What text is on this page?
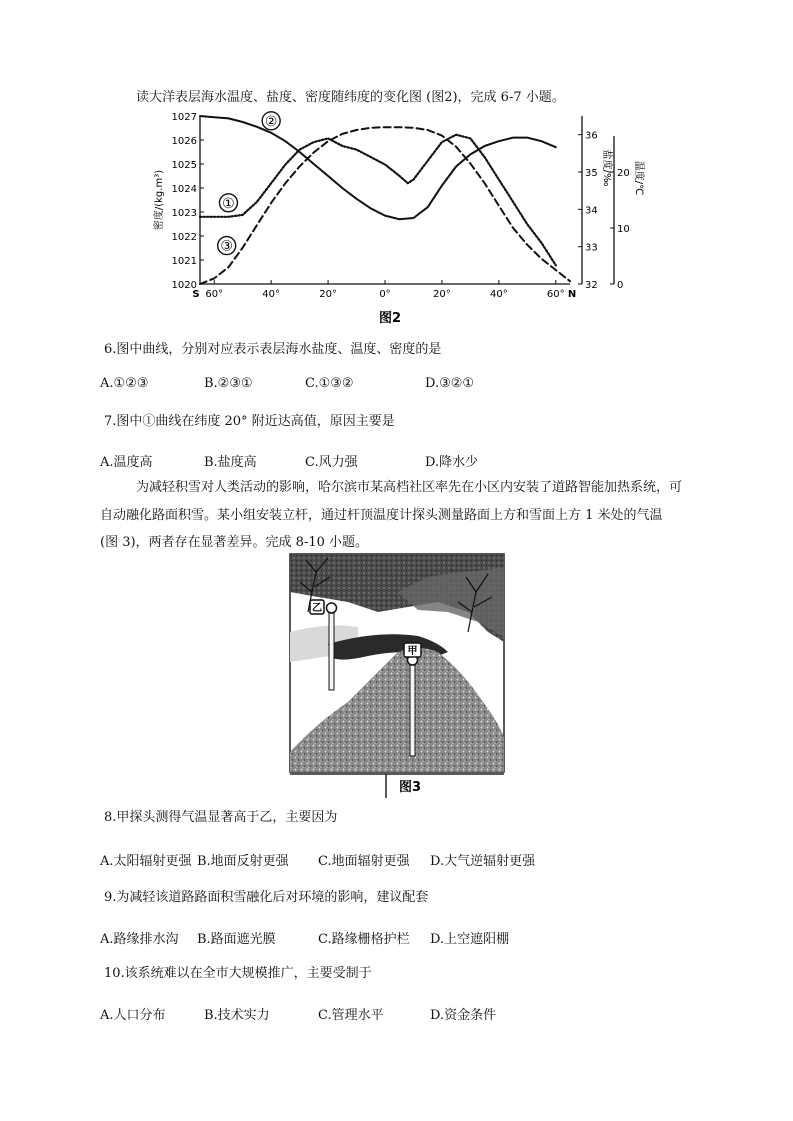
读大洋表层海水温度、盐度、密度随纬度的变化图 (图2)，完成 6-7 小题。
1020
1021
1022
1023
1024
1025
1026
1027
32
33
34
35
36
0
10
20
密度/(kg.m³)
盐度/‰ 温度/℃
60°	40°	20°	0°	20°	40°	60°
S	N
①
②
③
图2
6.图中曲线，分别对应表示表层海水盐度、温度、密度的是
A.①②③	B.②③①	C.①③②	D.③②①
7.图中①曲线在纬度 20° 附近达高值，原因主要是
A.温度高	B.盐度高	C.风力强	D.降水少
为减轻积雪对人类活动的影响，哈尔滨市某高档社区率先在小区内安装了道路智能加热系统，可
自动融化路面积雪。某小组安装立杆，通过杆顶温度计探头测量路面上方和雪面上方 1 米处的气温
(图 3)，两者存在显著差异。完成 8-10 小题。
乙
甲
图3
8.甲探头测得气温显著高于乙，主要因为
A.太阳辐射更强 B.地面反射更强 C.地面辐射更强 D.大气逆辐射更强
9.为减轻该道路路面积雪融化后对环境的影响，建议配套
A.路缘排水沟 B.路面遮光膜	C.路缘栅格护栏 D.上空遮阳棚
10.该系统难以在全市大规模推广，主要受制于
A.人口分布	B.技术实力	C.管理水平	D.资金条件
